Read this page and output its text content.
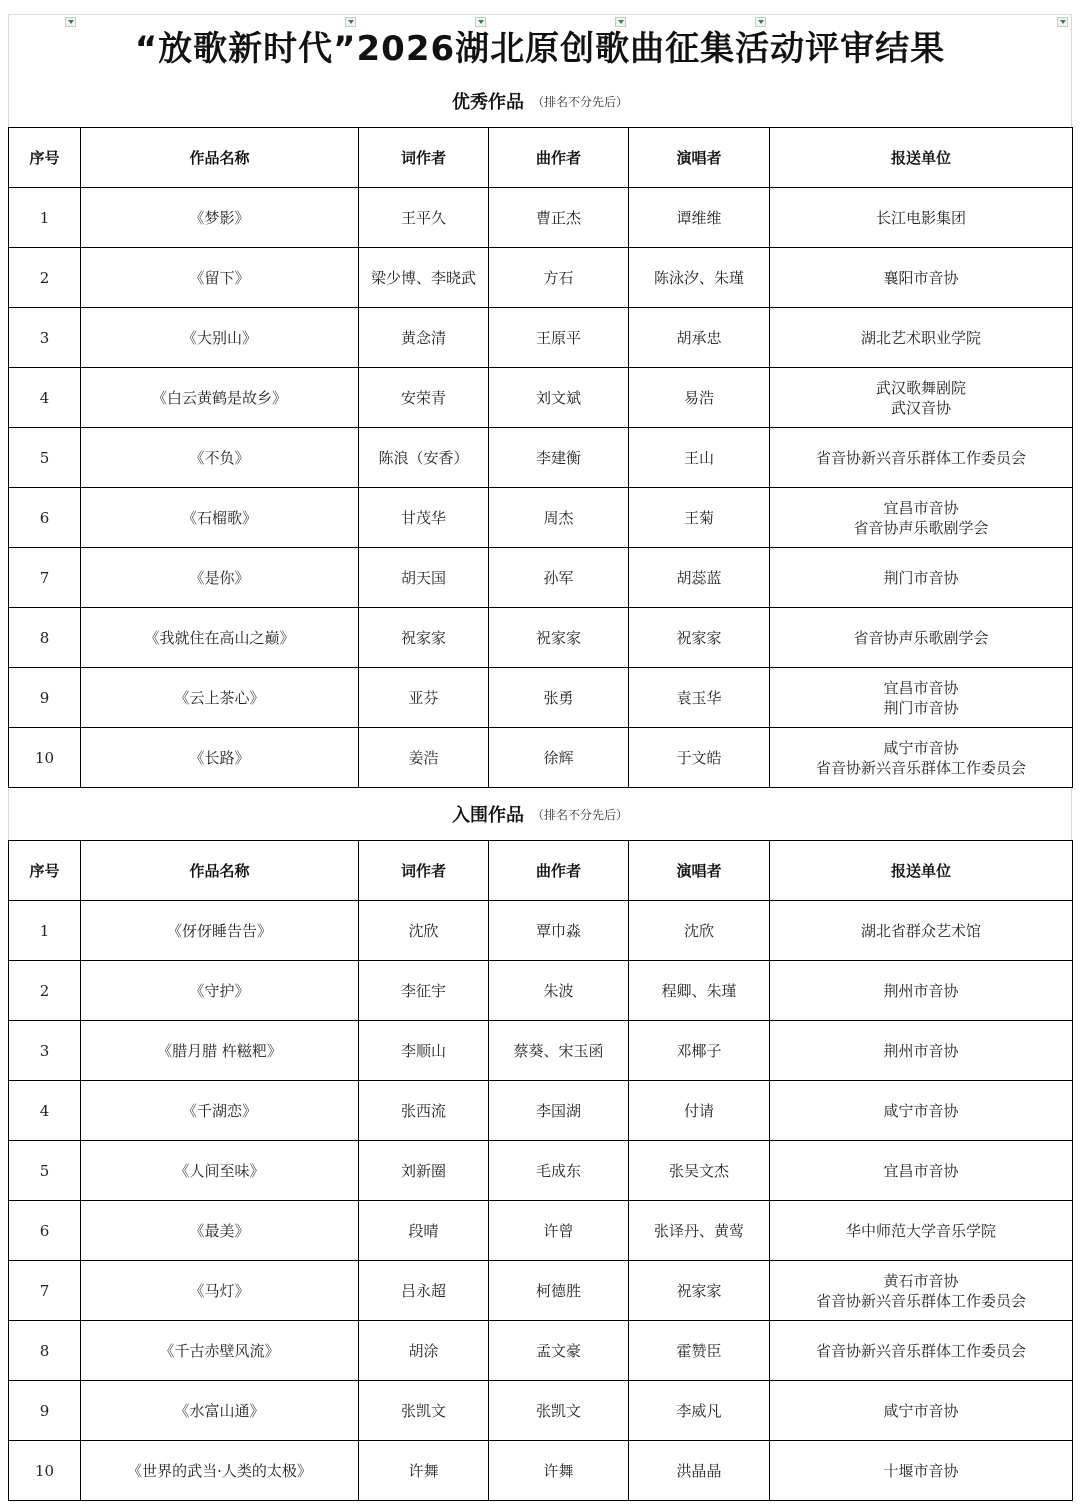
“放歌新时代”2026湖北原创歌曲征集活动评审结果
优秀作品 （排名不分先后）
序号	作品名称	词作者	曲作者	演唱者	报送单位
1	《梦影》	王平久	曹正杰	谭维维	长江电影集团

2	《留下》	梁少博、李晓武	方石	陈泳汐、朱瑾	襄阳市音协

3	《大别山》	黄念清	王原平	胡承忠	湖北艺术职业学院

4	《白云黄鹤是故乡》	安荣青	刘文斌	易浩	武汉歌舞剧院
武汉音协

5	《不负》	陈浪（安香）	李建衡	王山	省音协新兴音乐群体工作委员会

6	《石榴歌》	甘茂华	周杰	王菊	宜昌市音协
省音协声乐歌剧学会

7	《是你》	胡天国	孙军	胡蕊蓝	荆门市音协

8	《我就住在高山之巅》	祝家家	祝家家	祝家家	省音协声乐歌剧学会

9	《云上茶心》	亚芬	张勇	袁玉华	宜昌市音协
荆门市音协

10	《长路》	姜浩	徐辉	于文皓	咸宁市音协
省音协新兴音乐群体工作委员会
入围作品 （排名不分先后）
序号	作品名称	词作者	曲作者	演唱者	报送单位
1	《伢伢睡告告》	沈欣	覃巾淼	沈欣	湖北省群众艺术馆

2	《守护》	李征宇	朱波	程卿、朱瑾	荆州市音协

3	《腊月腊 杵糍粑》	李顺山	蔡葵、宋玉函	邓椰子	荆州市音协

4	《千湖恋》	张西流	李国湖	付请	咸宁市音协

5	《人间至味》	刘新圈	毛成东	张吴文杰	宜昌市音协

6	《最美》	段晴	许曾	张译丹、黄莺	华中师范大学音乐学院

7	《马灯》	吕永超	柯德胜	祝家家	黄石市音协
省音协新兴音乐群体工作委员会

8	《千古赤壁风流》	胡涂	孟文豪	霍赞臣	省音协新兴音乐群体工作委员会

9	《水富山通》	张凯文	张凯文	李威凡	咸宁市音协

10	《世界的武当·人类的太极》	许舞	许舞	洪晶晶	十堰市音协
